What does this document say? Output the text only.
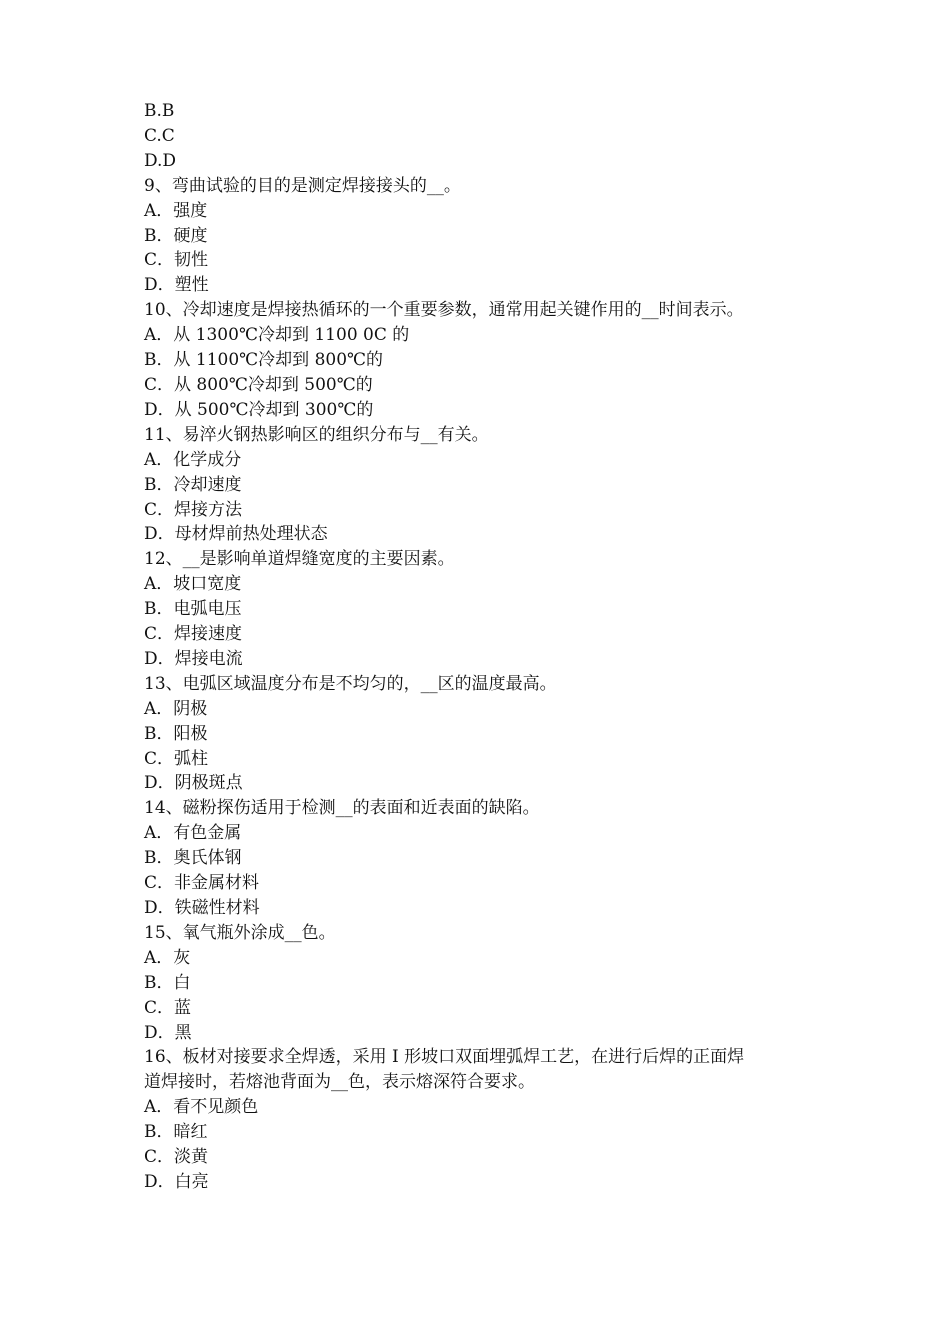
B.B
C.C
D.D
9、弯曲试验的目的是测定焊接接头的__。
A．强度
B．硬度
C．韧性
D．塑性
10、冷却速度是焊接热循环的一个重要参数，通常用起关键作用的__时间表示。
A．从 1300℃冷却到 1100 0C 的
B．从 1100℃冷却到 800℃的
C．从 800℃冷却到 500℃的
D．从 500℃冷却到 300℃的
11、易淬火钢热影响区的组织分布与__有关。
A．化学成分
B．冷却速度
C．焊接方法
D．母材焊前热处理状态
12、__是影响单道焊缝宽度的主要因素。
A．坡口宽度
B．电弧电压
C．焊接速度
D．焊接电流
13、电弧区域温度分布是不均匀的，__区的温度最高。
A．阴极
B．阳极
C．弧柱
D．阴极斑点
14、磁粉探伤适用于检测__的表面和近表面的缺陷。
A．有色金属
B．奥氏体钢
C．非金属材料
D．铁磁性材料
15、氧气瓶外涂成__色。
A．灰
B．白
C．蓝
D．黑
16、板材对接要求全焊透，采用 I 形坡口双面埋弧焊工艺，在进行后焊的正面焊
道焊接时，若熔池背面为__色，表示熔深符合要求。
A．看不见颜色
B．暗红
C．淡黄
D．白亮
